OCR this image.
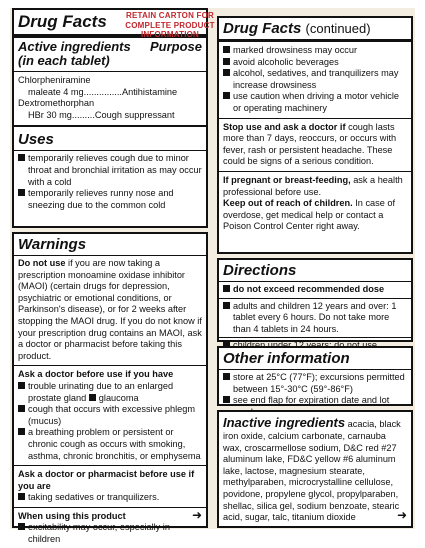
Drug Facts
Active ingredients (in each tablet)
Purpose
Chlorpheniramine
maleate 4 mg...............Antihistamine
Dextromethorphan
HBr 30 mg.........Cough suppressant
Uses
temporarily relieves cough due to minor throat and bronchial irritation as may occur with a cold
temporarily relieves runny nose and sneezing due to the common cold
RETAIN CARTON FOR COMPLETE PRODUCT INFORMATION
Warnings
Do not use if you are now taking a prescription monoamine oxidase inhibitor (MAOI) (certain drugs for depression, psychiatric or emotional conditions, or Parkinson's disease), or for 2 weeks after stopping the MAOI drug. If you do not know if your prescription drug contains an MAOI, ask a doctor or pharmacist before taking this product.
Ask a doctor before use if you have
trouble urinating due to an enlarged prostate gland glaucoma
cough that occurs with excessive phlegm (mucus)
a breathing problem or persistent or chronic cough as occurs with smoking, asthma, chronic bronchitis, or emphysema
Ask a doctor or pharmacist before use if you are
taking sedatives or tranquilizers.
When using this product
excitability may occur, especially in children
➜
Drug Facts (continued)
marked drowsiness may occur
avoid alcoholic beverages
alcohol, sedatives, and tranquilizers may increase drowsiness
use caution when driving a motor vehicle or operating machinery
Stop use and ask a doctor if cough lasts more than 7 days, reoccurs, or occurs with fever, rash or persistent headache. These could be signs of a serious condition.
If pregnant or breast-feeding, ask a health professional before use.
Keep out of reach of children. In case of overdose, get medical help or contact a Poison Control Center right away.
Directions
do not exceed recommended dose
adults and children 12 years and over: 1 tablet every 6 hours. Do not take more than 4 tablets in 24 hours.
Other information
store at 25°C (77°F); excursions permitted between 15°-30°C (59°-86°F)
see end flap for expiration date and lot
Inactive ingredients acacia, black iron oxide, calcium carbonate, carnauba wax, croscarmellose sodium, D&C red #27 aluminum lake, FD&C yellow #6 aluminum lake, lactose, magnesium stearate, methylparaben, microcrystalline cellulose, povidone, propylene glycol, propylparaben, shellac, silica gel, sodium benzoate, stearic acid, sugar, talc, titanium dioxide	➜
